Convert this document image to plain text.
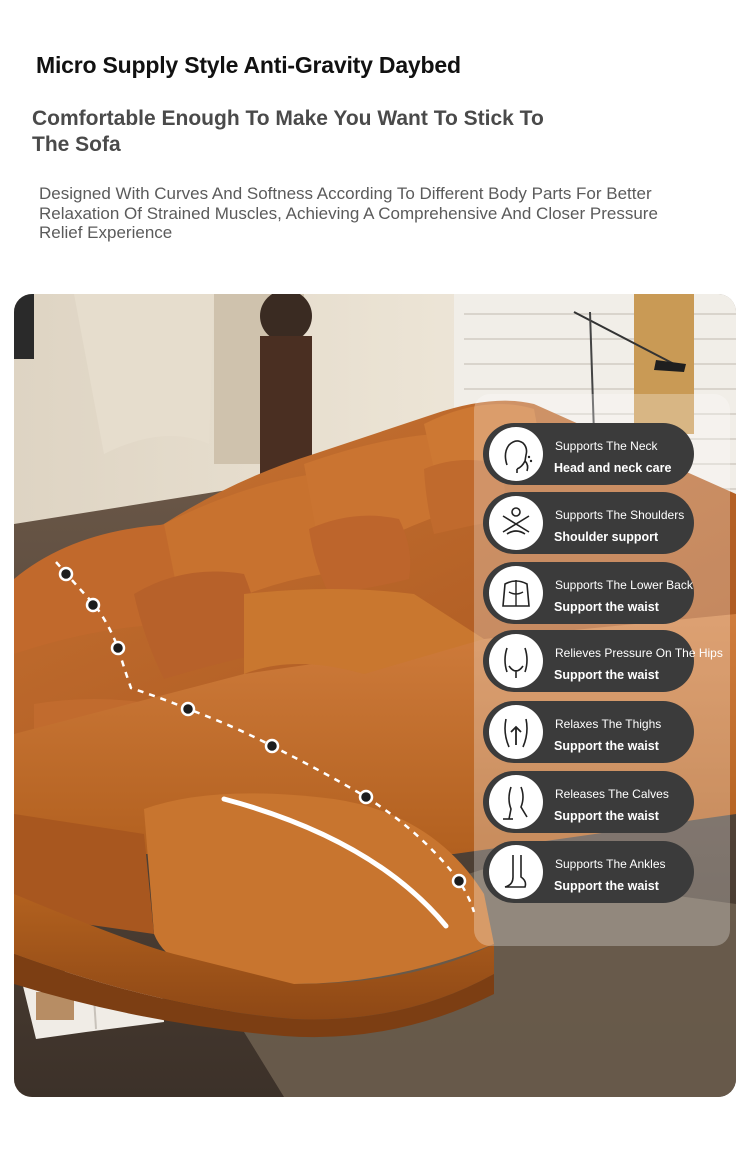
Micro Supply Style Anti-Gravity Daybed
Comfortable Enough To Make You Want To Stick To The Sofa

Designed With Curves And Softness According To Different Body Parts For Better Relaxation Of Strained Muscles, Achieving A Comprehensive And Closer Pressure Relief Experience

Supports The Neck
Head and neck care
Supports The Shoulders
Shoulder support
Supports The Lower Back
Support the waist
Relieves Pressure On The Hips
Support the waist
Relaxes The Thighs
Support the waist
Releases The Calves
Support the waist
Supports The Ankles
Support the waist
